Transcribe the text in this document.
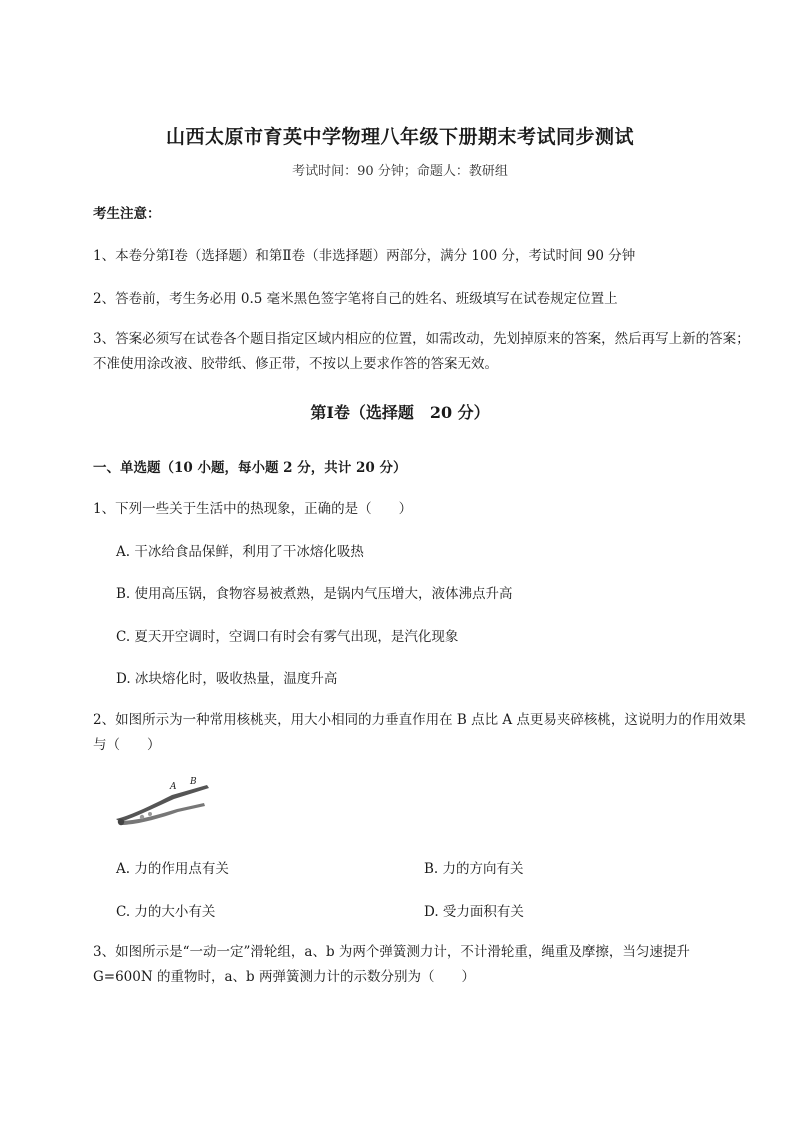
山西太原市育英中学物理八年级下册期末考试同步测试
考试时间：90 分钟；命题人：教研组
考生注意：
1、本卷分第Ⅰ卷（选择题）和第Ⅱ卷（非选择题）两部分，满分 100 分，考试时间 90 分钟
2、答卷前，考生务必用 0.5 毫米黑色签字笔将自己的姓名、班级填写在试卷规定位置上
3、答案必须写在试卷各个题目指定区域内相应的位置，如需改动，先划掉原来的答案，然后再写上新的答案；不准使用涂改液、胶带纸、修正带，不按以上要求作答的答案无效。
第Ⅰ卷（选择题　20 分）
一、单选题（10 小题，每小题 2 分，共计 20 分）
1、下列一些关于生活中的热现象，正确的是（　　）
A. 干冰给食品保鲜，利用了干冰熔化吸热
B. 使用高压锅，食物容易被煮熟，是锅内气压增大，液体沸点升高
C. 夏天开空调时，空调口有时会有雾气出现，是汽化现象
D. 冰块熔化时，吸收热量，温度升高
2、如图所示为一种常用核桃夹，用大小相同的力垂直作用在 B 点比 A 点更易夹碎核桃，这说明力的作用效果与（　　）
A B
A. 力的作用点有关	B. 力的方向有关
C. 力的大小有关	D. 受力面积有关
3、如图所示是“一动一定”滑轮组，a、b 为两个弹簧测力计，不计滑轮重，绳重及摩擦，当匀速提升 G=600N 的重物时，a、b 两弹簧测力计的示数分别为（　　）
